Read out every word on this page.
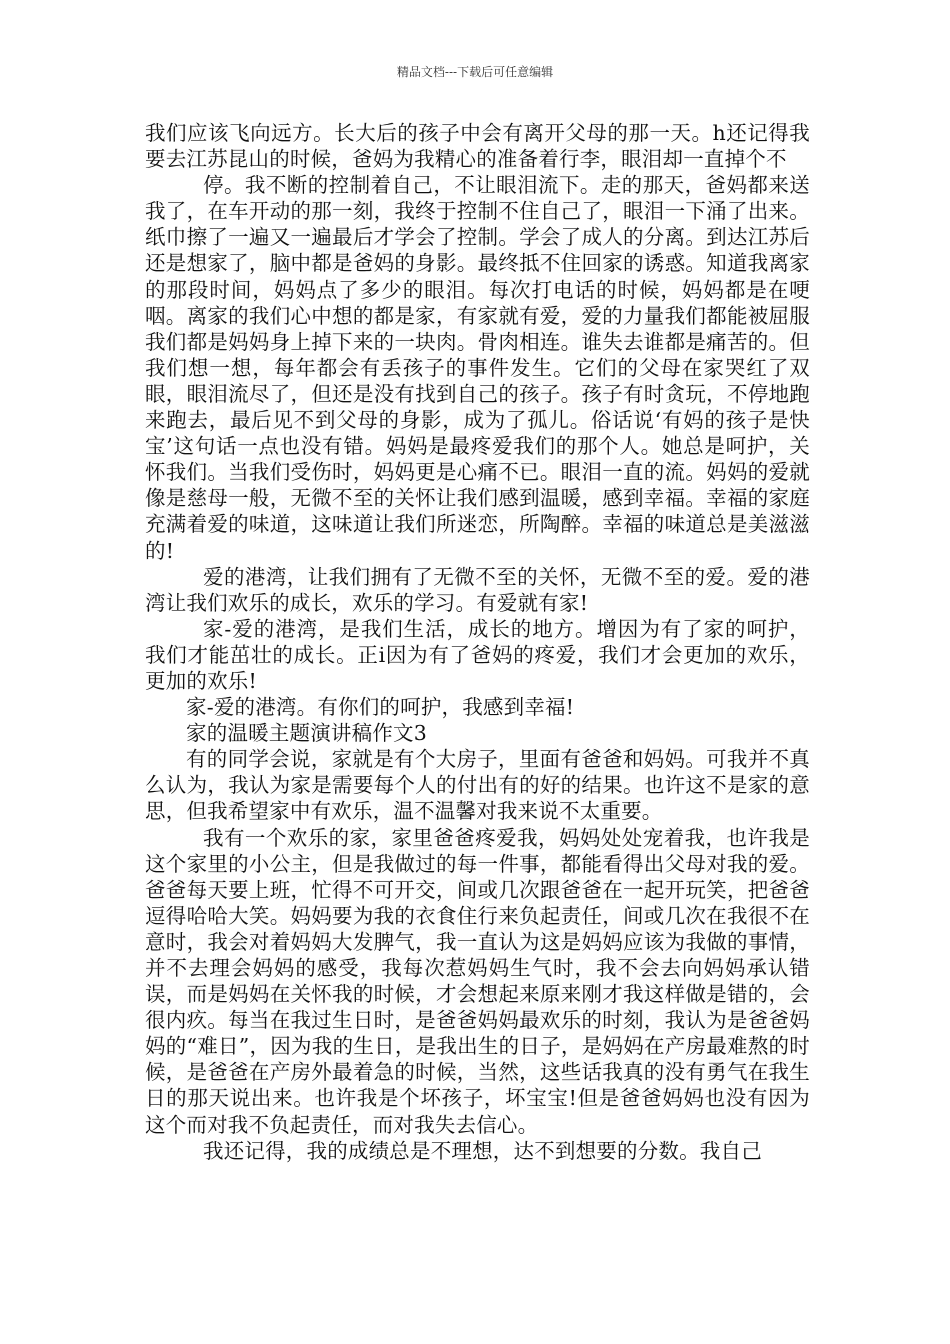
精品文档---下载后可任意编辑

我们应该飞向远方。长大后的孩子中会有离开父母的那一天。h还记得我要去江苏昆山的时候，爸妈为我精心的准备着行李，眼泪却一直掉个不

停。我不断的控制着自己，不让眼泪流下。走的那天，爸妈都来送我了，在车开动的那一刻，我终于控制不住自己了，眼泪一下涌了出来。纸巾擦了一遍又一遍最后才学会了控制。学会了成人的分离。到达江苏后还是想家了，脑中都是爸妈的身影。最终抵不住回家的诱惑。知道我离家的那段时间，妈妈点了多少的眼泪。每次打电话的时候，妈妈都是在哽咽。离家的我们心中想的都是家，有家就有爱，爱的力量我们都能被屈服我们都是妈妈身上掉下来的一块肉。骨肉相连。谁失去谁都是痛苦的。但我们想一想，每年都会有丢孩子的事件发生。它们的父母在家哭红了双眼，眼泪流尽了，但还是没有找到自己的孩子。孩子有时贪玩，不停地跑来跑去，最后见不到父母的身影，成为了孤儿。俗话说‘有妈的孩子是快宝’这句话一点也没有错。妈妈是最疼爱我们的那个人。她总是呵护，关怀我们。当我们受伤时，妈妈更是心痛不已。眼泪一直的流。妈妈的爱就像是慈母一般，无微不至的关怀让我们感到温暖，感到幸福。幸福的家庭充满着爱的味道，这味道让我们所迷恋，所陶醉。幸福的味道总是美滋滋的!

爱的港湾，让我们拥有了无微不至的关怀，无微不至的爱。爱的港湾让我们欢乐的成长，欢乐的学习。有爱就有家!

家-爱的港湾，是我们生活，成长的地方。增因为有了家的呵护，我们才能茁壮的成长。正i因为有了爸妈的疼爱，我们才会更加的欢乐，更加的欢乐!

家-爱的港湾。有你们的呵护，我感到幸福!

家的温暖主题演讲稿作文3

有的同学会说，家就是有个大房子，里面有爸爸和妈妈。可我并不真么认为，我认为家是需要每个人的付出有的好的结果。也许这不是家的意思，但我希望家中有欢乐，温不温馨对我来说不太重要。

我有一个欢乐的家，家里爸爸疼爱我，妈妈处处宠着我，也许我是这个家里的小公主，但是我做过的每一件事，都能看得出父母对我的爱。爸爸每天要上班，忙得不可开交，间或几次跟爸爸在一起开玩笑，把爸爸逗得哈哈大笑。妈妈要为我的衣食住行来负起责任，间或几次在我很不在意时，我会对着妈妈大发脾气，我一直认为这是妈妈应该为我做的事情，并不去理会妈妈的感受，我每次惹妈妈生气时，我不会去向妈妈承认错误，而是妈妈在关怀我的时候，才会想起来原来刚才我这样做是错的，会很内疚。每当在我过生日时，是爸爸妈妈最欢乐的时刻，我认为是爸爸妈妈的“难日”，因为我的生日，是我出生的日子，是妈妈在产房最难熬的时候，是爸爸在产房外最着急的时候，当然，这些话我真的没有勇气在我生日的那天说出来。也许我是个坏孩子，坏宝宝!但是爸爸妈妈也没有因为这个而对我不负起责任，而对我失去信心。

我还记得，我的成绩总是不理想，达不到想要的分数。我自己
